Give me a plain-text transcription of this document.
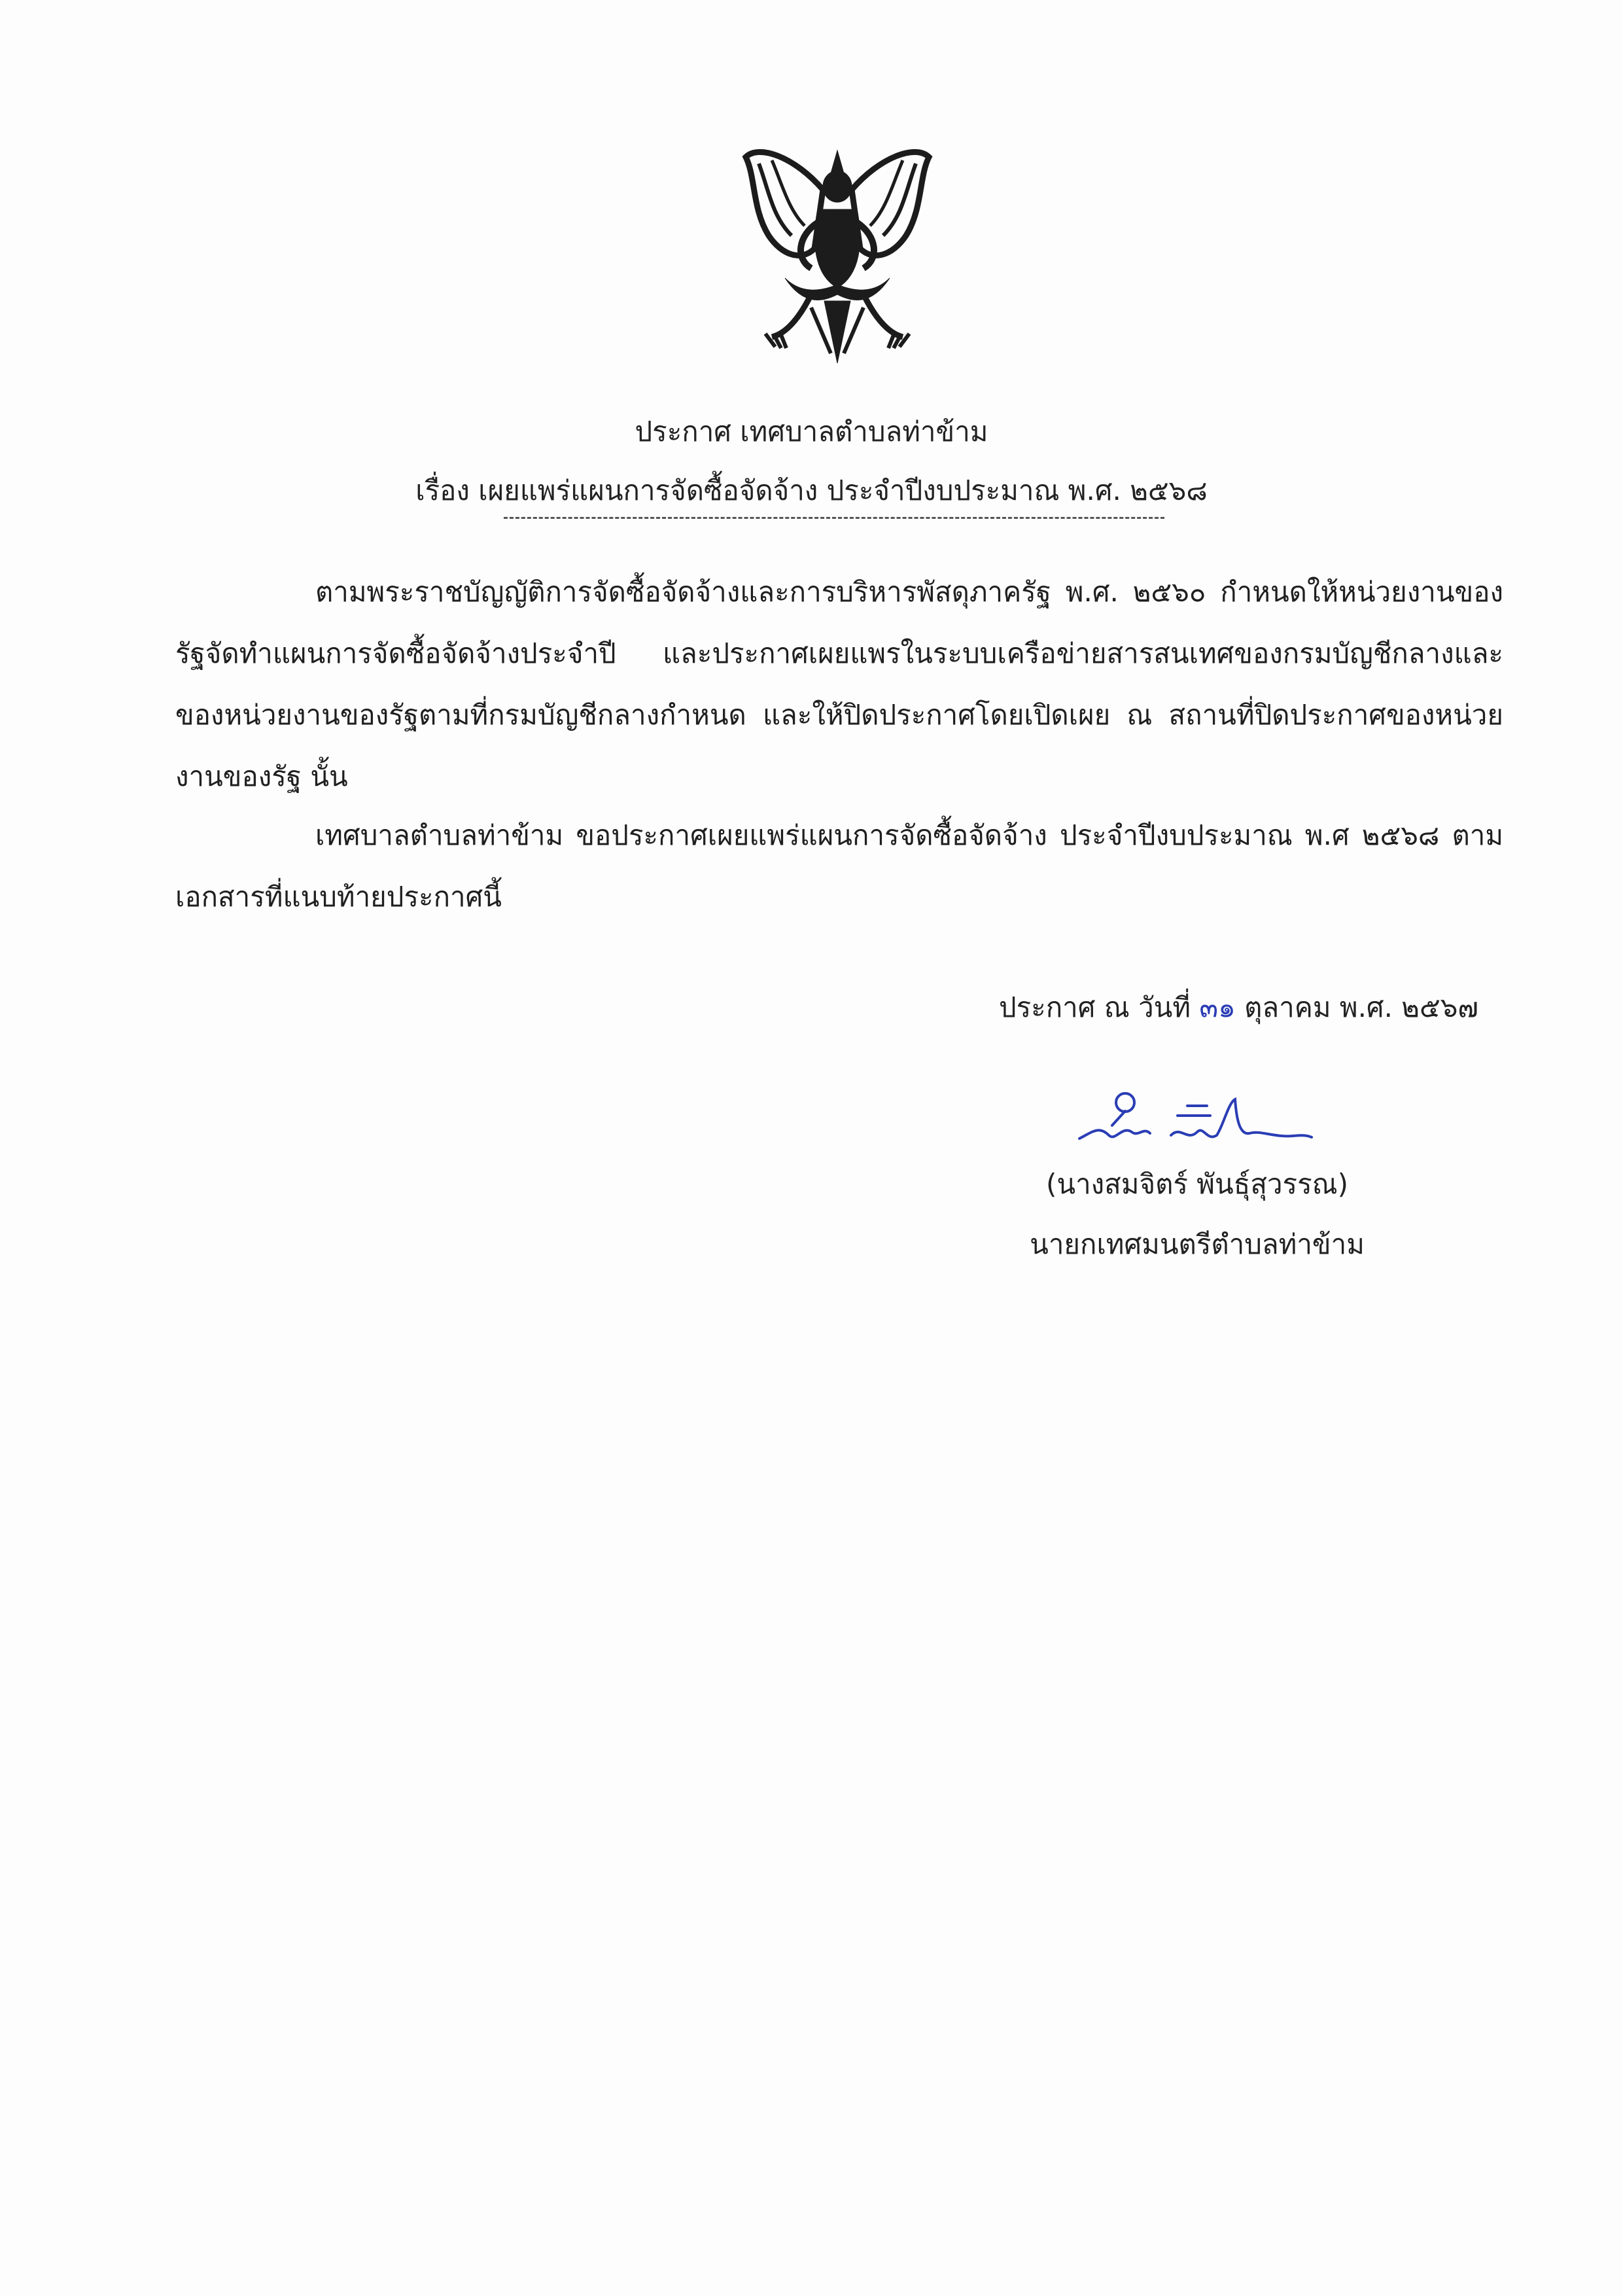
ประกาศ เทศบาลตำบลท่าข้าม
เรื่อง เผยแพร่แผนการจัดซื้อจัดจ้าง ประจำปีงบประมาณ พ.ศ. ๒๕๖๘
ตามพระราชบัญญัติการจัดซื้อจัดจ้างและการบริหารพัสดุภาครัฐ พ.ศ. ๒๕๖๐ กำหนดให้หน่วยงานของรัฐจัดทำแผนการจัดซื้อจัดจ้างประจำปี และประกาศเผยแพรในระบบเครือข่ายสารสนเทศของกรมบัญชีกลางและของหน่วยงานของรัฐตามที่กรมบัญชีกลางกำหนด และให้ปิดประกาศโดยเปิดเผย ณ สถานที่ปิดประกาศของหน่วยงานของรัฐ นั้น
เทศบาลตำบลท่าข้าม ขอประกาศเผยแพร่แผนการจัดซื้อจัดจ้าง ประจำปีงบประมาณ พ.ศ ๒๕๖๘ ตามเอกสารที่แนบท้ายประกาศนี้
ประกาศ ณ วันที่ ๓๑ ตุลาคม พ.ศ. ๒๕๖๗
(นางสมจิตร์ พันธุ์สุวรรณ)
นายกเทศมนตรีตำบลท่าข้าม
